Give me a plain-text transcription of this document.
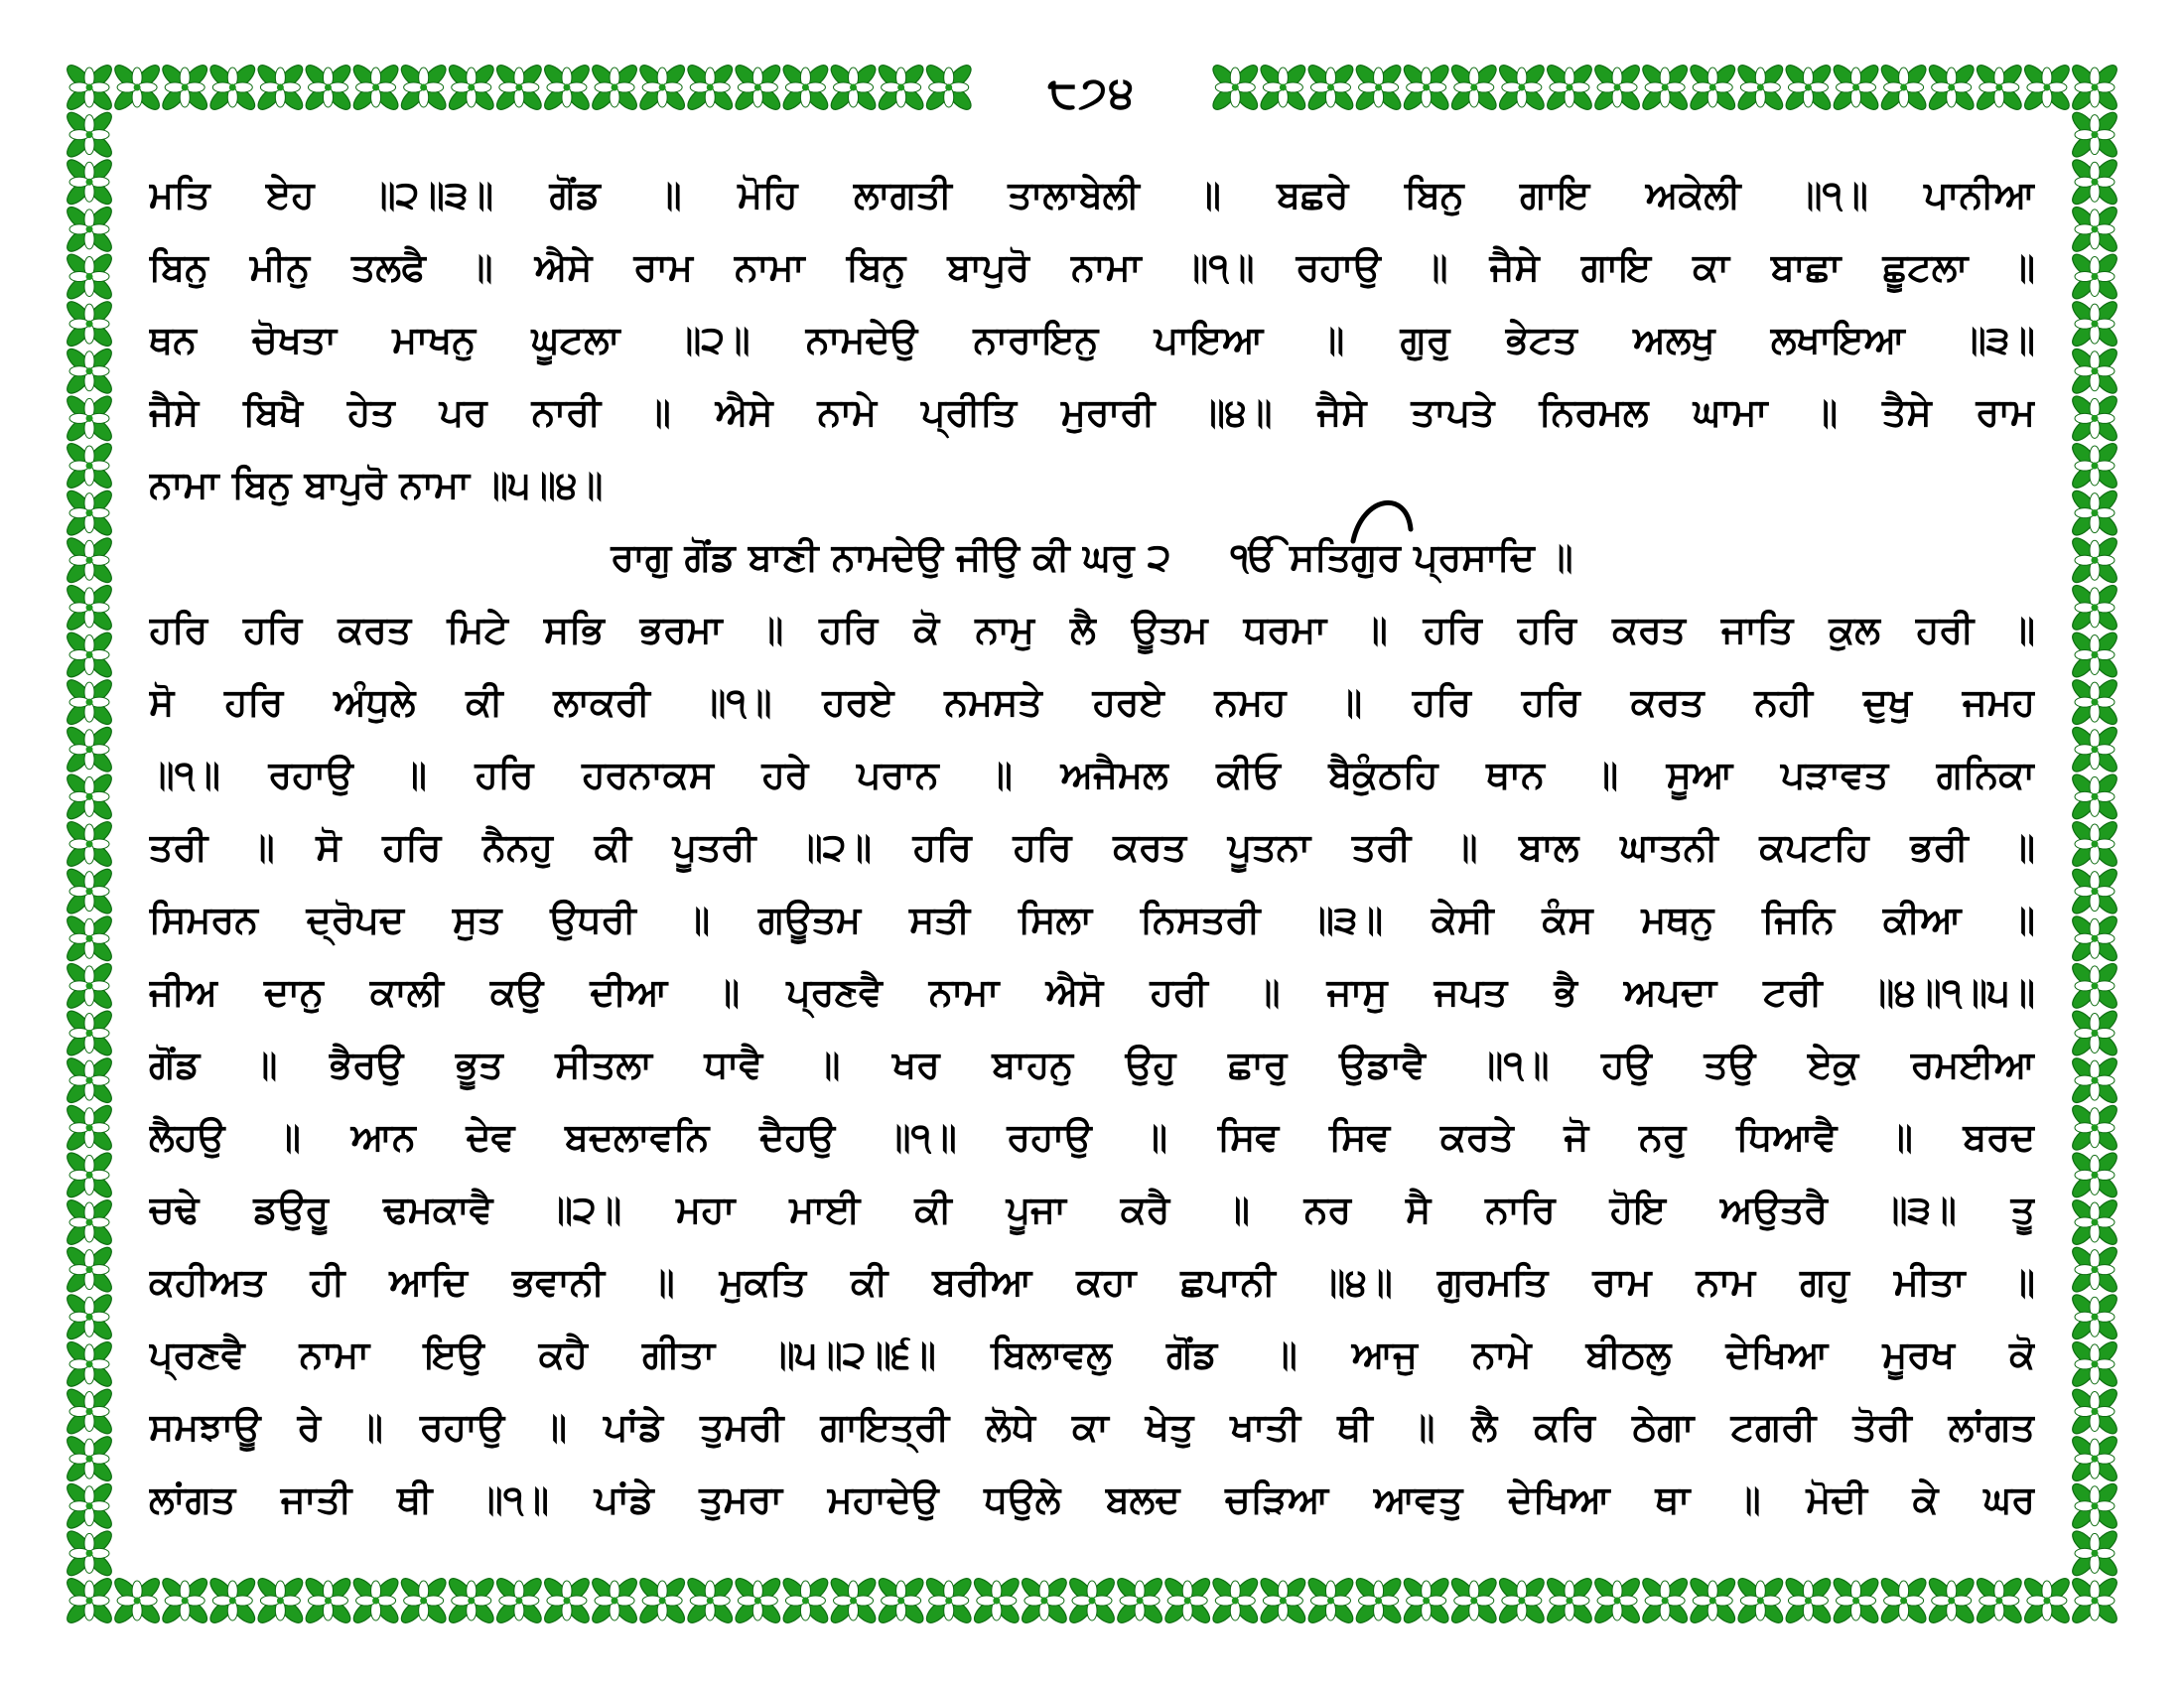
੮੭੪
ਮਤਿ ਏਹ ॥੨॥੩॥ ਗੋਂਡ ॥ ਮੋਹਿ ਲਾਗਤੀ ਤਾਲਾਬੇਲੀ ॥ ਬਛਰੇ ਬਿਨੁ ਗਾਇ ਅਕੇਲੀ ॥੧॥ ਪਾਨੀਆ
ਬਿਨੁ ਮੀਨੁ ਤਲਫੈ ॥ ਐਸੇ ਰਾਮ ਨਾਮਾ ਬਿਨੁ ਬਾਪੁਰੋ ਨਾਮਾ ॥੧॥ ਰਹਾਉ ॥ ਜੈਸੇ ਗਾਇ ਕਾ ਬਾਛਾ ਛੂਟਲਾ ॥
ਥਨ ਚੋਖਤਾ ਮਾਖਨੁ ਘੂਟਲਾ ॥੨॥ ਨਾਮਦੇਉ ਨਾਰਾਇਨੁ ਪਾਇਆ ॥ ਗੁਰੁ ਭੇਟਤ ਅਲਖੁ ਲਖਾਇਆ ॥੩॥
ਜੈਸੇ ਬਿਖੈ ਹੇਤ ਪਰ ਨਾਰੀ ॥ ਐਸੇ ਨਾਮੇ ਪ੍ਰੀਤਿ ਮੁਰਾਰੀ ॥੪॥ ਜੈਸੇ ਤਾਪਤੇ ਨਿਰਮਲ ਘਾਮਾ ॥ ਤੈਸੇ ਰਾਮ
ਨਾਮਾ ਬਿਨੁ ਬਾਪੁਰੋ ਨਾਮਾ ॥੫॥੪॥
ਰਾਗੁ ਗੋਂਡ ਬਾਣੀ ਨਾਮਦੇਉ ਜੀਉ ਕੀ ਘਰੁ ੨ ੴ ਸਤਿਗੁਰ ਪ੍ਰਸਾਦਿ ॥
ਹਰਿ ਹਰਿ ਕਰਤ ਮਿਟੇ ਸਭਿ ਭਰਮਾ ॥ ਹਰਿ ਕੋ ਨਾਮੁ ਲੈ ਊਤਮ ਧਰਮਾ ॥ ਹਰਿ ਹਰਿ ਕਰਤ ਜਾਤਿ ਕੁਲ ਹਰੀ ॥
ਸੋ ਹਰਿ ਅੰਧੁਲੇ ਕੀ ਲਾਕਰੀ ॥੧॥ ਹਰਏ ਨਮਸਤੇ ਹਰਏ ਨਮਹ ॥ ਹਰਿ ਹਰਿ ਕਰਤ ਨਹੀ ਦੁਖੁ ਜਮਹ
॥੧॥ ਰਹਾਉ ॥ ਹਰਿ ਹਰਨਾਕਸ ਹਰੇ ਪਰਾਨ ॥ ਅਜੈਮਲ ਕੀਓ ਬੈਕੁੰਠਹਿ ਥਾਨ ॥ ਸੂਆ ਪੜਾਵਤ ਗਨਿਕਾ
ਤਰੀ ॥ ਸੋ ਹਰਿ ਨੈਨਹੁ ਕੀ ਪੂਤਰੀ ॥੨॥ ਹਰਿ ਹਰਿ ਕਰਤ ਪੂਤਨਾ ਤਰੀ ॥ ਬਾਲ ਘਾਤਨੀ ਕਪਟਹਿ ਭਰੀ ॥
ਸਿਮਰਨ ਦ੍ਰੋਪਦ ਸੁਤ ਉਧਰੀ ॥ ਗਊਤਮ ਸਤੀ ਸਿਲਾ ਨਿਸਤਰੀ ॥੩॥ ਕੇਸੀ ਕੰਸ ਮਥਨੁ ਜਿਨਿ ਕੀਆ ॥
ਜੀਅ ਦਾਨੁ ਕਾਲੀ ਕਉ ਦੀਆ ॥ ਪ੍ਰਣਵੈ ਨਾਮਾ ਐਸੋ ਹਰੀ ॥ ਜਾਸੁ ਜਪਤ ਭੈ ਅਪਦਾ ਟਰੀ ॥੪॥੧॥੫॥
ਗੋਂਡ ॥ ਭੈਰਉ ਭੂਤ ਸੀਤਲਾ ਧਾਵੈ ॥ ਖਰ ਬਾਹਨੁ ਉਹੁ ਛਾਰੁ ਉਡਾਵੈ ॥੧॥ ਹਉ ਤਉ ਏਕੁ ਰਮਈਆ
ਲੈਹਉ ॥ ਆਨ ਦੇਵ ਬਦਲਾਵਨਿ ਦੈਹਉ ॥੧॥ ਰਹਾਉ ॥ ਸਿਵ ਸਿਵ ਕਰਤੇ ਜੋ ਨਰੁ ਧਿਆਵੈ ॥ ਬਰਦ
ਚਢੇ ਡਉਰੂ ਢਮਕਾਵੈ ॥੨॥ ਮਹਾ ਮਾਈ ਕੀ ਪੂਜਾ ਕਰੈ ॥ ਨਰ ਸੈ ਨਾਰਿ ਹੋਇ ਅਉਤਰੈ ॥੩॥ ਤੂ
ਕਹੀਅਤ ਹੀ ਆਦਿ ਭਵਾਨੀ ॥ ਮੁਕਤਿ ਕੀ ਬਰੀਆ ਕਹਾ ਛਪਾਨੀ ॥੪॥ ਗੁਰਮਤਿ ਰਾਮ ਨਾਮ ਗਹੁ ਮੀਤਾ ॥
ਪ੍ਰਣਵੈ ਨਾਮਾ ਇਉ ਕਹੈ ਗੀਤਾ ॥੫॥੨॥੬॥ ਬਿਲਾਵਲੁ ਗੋਂਡ ॥ ਆਜੁ ਨਾਮੇ ਬੀਠਲੁ ਦੇਖਿਆ ਮੂਰਖ ਕੋ
ਸਮਝਾਊ ਰੇ ॥ ਰਹਾਉ ॥ ਪਾਂਡੇ ਤੁਮਰੀ ਗਾਇਤ੍ਰੀ ਲੋਧੇ ਕਾ ਖੇਤੁ ਖਾਤੀ ਥੀ ॥ ਲੈ ਕਰਿ ਠੇਗਾ ਟਗਰੀ ਤੋਰੀ ਲਾਂਗਤ
ਲਾਂਗਤ ਜਾਤੀ ਥੀ ॥੧॥ ਪਾਂਡੇ ਤੁਮਰਾ ਮਹਾਦੇਉ ਧਉਲੇ ਬਲਦ ਚੜਿਆ ਆਵਤੁ ਦੇਖਿਆ ਥਾ ॥ ਮੋਦੀ ਕੇ ਘਰ
